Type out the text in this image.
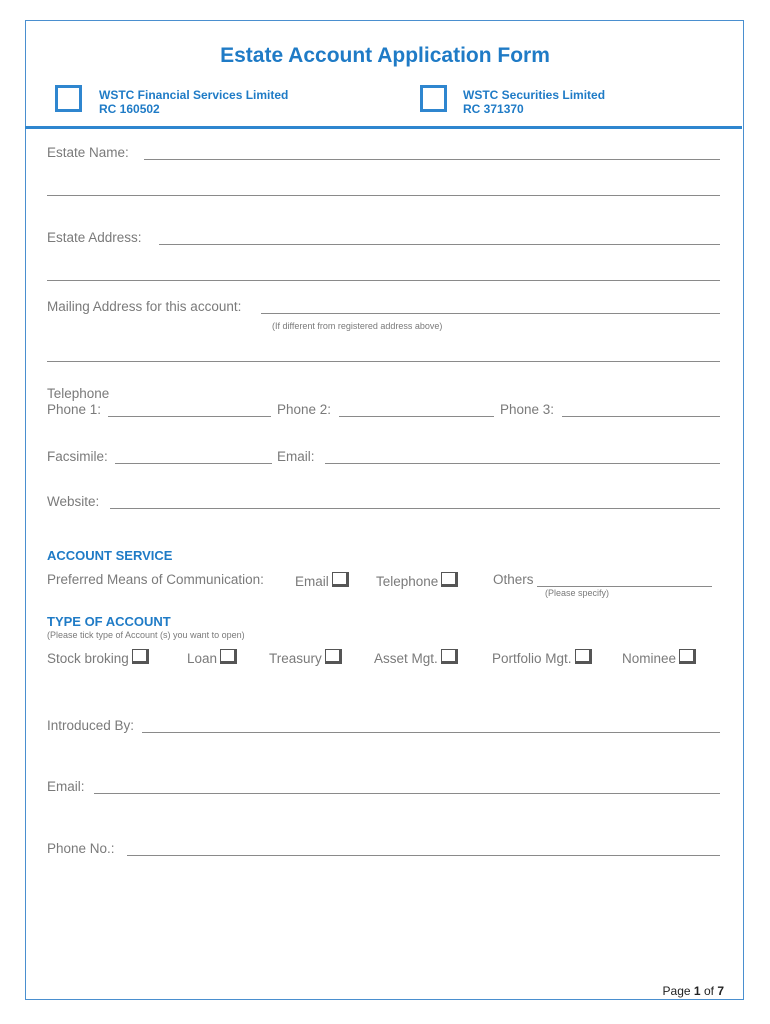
Estate Account Application Form
WSTC Financial Services Limited
RC 160502
WSTC Securities Limited
RC 371370
Estate Name:
Estate Address:
Mailing Address for this account:
(If different from registered address above)
Telephone
Phone 1:	Phone 2:	Phone 3:
Facsimile:	Email:
Website:
ACCOUNT SERVICE
Preferred Means of Communication: Email	Telephone	Others
(Please specify)
TYPE OF ACCOUNT
(Please tick type of Account (s) you want to open)
Stock broking	Loan	Treasury	Asset Mgt.	Portfolio Mgt.	Nominee
Introduced By:
Email:
Phone No.:
Page 1 of 7
